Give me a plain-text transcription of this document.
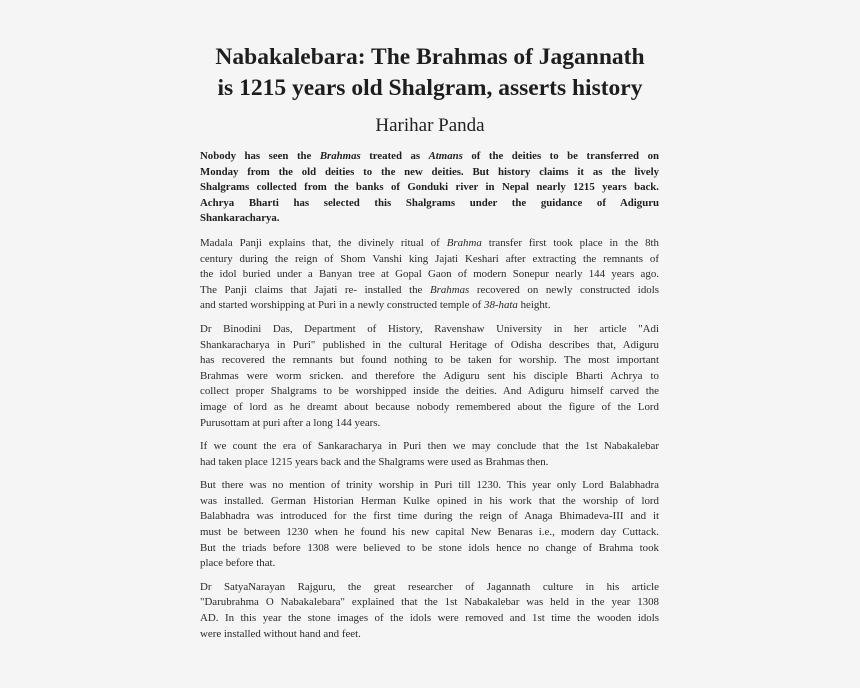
Nabakalebara: The Brahmas of Jagannath
is 1215 years old Shalgram, asserts history
Harihar Panda

Nobody has seen the Brahmas treated as Atmans of the deities to be transferred on
Monday from the old deities to the new deities. But history claims it as the lively
Shalgrams collected from the banks of Gonduki river in Nepal nearly 1215 years back.
Achrya Bharti has selected this Shalgrams under the guidance of Adiguru
Shankaracharya.

Madala Panji explains that, the divinely ritual of Brahma transfer first took place in the 8th
century during the reign of Shom Vanshi king Jajati Keshari after extracting the remnants of
the idol buried under a Banyan tree at Gopal Gaon of modern Sonepur nearly 144 years ago.
The Panji claims that Jajati re- installed the Brahmas recovered on newly constructed idols
and started worshipping at Puri in a newly constructed temple of 38-hata height.

Dr Binodini Das, Department of History, Ravenshaw University in her article "Adi
Shankaracharya in Puri" published in the cultural Heritage of Odisha describes that, Adiguru
has recovered the remnants but found nothing to be taken for worship. The most important
Brahmas were worm sricken. and therefore the Adiguru sent his disciple Bharti Achrya to
collect proper Shalgrams to be worshipped inside the deities. And Adiguru himself carved the
image of lord as he dreamt about because nobody remembered about the figure of the Lord
Purusottam at puri after a long 144 years.

If we count the era of Sankaracharya in Puri then we may conclude that the 1st Nabakalebar
had taken place 1215 years back and the Shalgrams were used as Brahmas then.

But there was no mention of trinity worship in Puri till 1230. This year only Lord Balabhadra
was installed. German Historian Herman Kulke opined in his work that the worship of lord
Balabhadra was introduced for the first time during the reign of Anaga Bhimadeva-III and it
must be between 1230 when he found his new capital New Benaras i.e., modern day Cuttack.
But the triads before 1308 were believed to be stone idols hence no change of Brahma took
place before that.

Dr SatyaNarayan Rajguru, the great researcher of Jagannath culture in his article
"Darubrahma O Nabakalebara" explained that the 1st Nabakalebar was held in the year 1308
AD. In this year the stone images of the idols were removed and 1st time the wooden idols
were installed without hand and feet.
